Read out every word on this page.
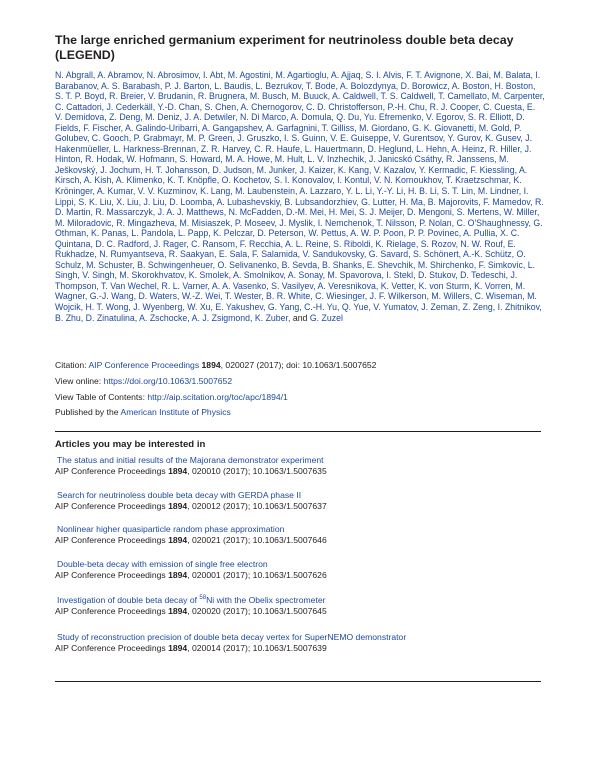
The large enriched germanium experiment for neutrinoless double beta decay (LEGEND)
N. Abgrall, A. Abramov, N. Abrosimov, I. Abt, M. Agostini, M. Agartioglu, A. Ajjaq, S. I. Alvis, F. T. Avignone, X. Bai, M. Balata, I. Barabanov, A. S. Barabash, P. J. Barton, L. Baudis, L. Bezrukov, T. Bode, A. Bolozdynya, D. Borowicz, A. Boston, H. Boston, S. T. P. Boyd, R. Breier, V. Brudanin, R. Brugnera, M. Busch, M. Buuck, A. Caldwell, T. S. Caldwell, T. Camellato, M. Carpenter, C. Cattadori, J. Cederkäll, Y.-D. Chan, S. Chen, A. Chernogorov, C. D. Christofferson, P.-H. Chu, R. J. Cooper, C. Cuesta, E. V. Demidova, Z. Deng, M. Deniz, J. A. Detwiler, N. Di Marco, A. Domula, Q. Du, Yu. Efremenko, V. Egorov, S. R. Elliott, D. Fields, F. Fischer, A. Galindo-Uribarri, A. Gangapshev, A. Garfagnini, T. Gilliss, M. Giordano, G. K. Giovanetti, M. Gold, P. Golubev, C. Gooch, P. Grabmayr, M. P. Green, J. Gruszko, I. S. Guinn, V. E. Guiseppe, V. Gurentsov, Y. Gurov, K. Gusev, J. Hakenmüeller, L. Harkness-Brennan, Z. R. Harvey, C. R. Haufe, L. Hauertmann, D. Heglund, L. Hehn, A. Heinz, R. Hiller, J. Hinton, R. Hodak, W. Hofmann, S. Howard, M. A. Howe, M. Hult, L. V. Inzhechik, J. Janicskó Csáthy, R. Janssens, M. Ješkovský, J. Jochum, H. T. Johansson, D. Judson, M. Junker, J. Kaizer, K. Kang, V. Kazalov, Y. Kermadic, F. Kiessling, A. Kirsch, A. Kish, A. Klimenko, K. T. Knöpfle, O. Kochetov, S. I. Konovalov, I. Kontul, V. N. Kornoukhov, T. Kraetzschmar, K. Kröninger, A. Kumar, V. V. Kuzminov, K. Lang, M. Laubenstein, A. Lazzaro, Y. L. Li, Y.-Y. Li, H. B. Li, S. T. Lin, M. Lindner, I. Lippi, S. K. Liu, X. Liu, J. Liu, D. Loomba, A. Lubashevskiy, B. Lubsandorzhiev, G. Lutter, H. Ma, B. Majorovits, F. Mamedov, R. D. Martin, R. Massarczyk, J. A. J. Matthews, N. McFadden, D.-M. Mei, H. Mei, S. J. Meijer, D. Mengoni, S. Mertens, W. Miller, M. Miloradovic, R. Mingazheva, M. Misiaszek, P. Moseev, J. Myslik, I. Nemchenok, T. Nilsson, P. Nolan, C. O'Shaughnessy, G. Othman, K. Panas, L. Pandola, L. Papp, K. Pelczar, D. Peterson, W. Pettus, A. W. P. Poon, P. P. Povinec, A. Pullia, X. C. Quintana, D. C. Radford, J. Rager, C. Ransom, F. Recchia, A. L. Reine, S. Riboldi, K. Rielage, S. Rozov, N. W. Rouf, E. Rukhadze, N. Rumyantseva, R. Saakyan, E. Sala, F. Salamida, V. Sandukovsky, G. Savard, S. Schönert, A.-K. Schütz, O. Schulz, M. Schuster, B. Schwingenheuer, O. Selivanenko, B. Sevda, B. Shanks, E. Shevchik, M. Shirchenko, F. Simkovic, L. Singh, V. Singh, M. Skorokhvatov, K. Smolek, A. Smolnikov, A. Sonay, M. Spavorova, I. Stekl, D. Stukov, D. Tedeschi, J. Thompson, T. Van Wechel, R. L. Varner, A. A. Vasenko, S. Vasilyev, A. Veresnikova, K. Vetter, K. von Sturm, K. Vorren, M. Wagner, G.-J. Wang, D. Waters, W.-Z. Wei, T. Wester, B. R. White, C. Wiesinger, J. F. Wilkerson, M. Willers, C. Wiseman, M. Wojcik, H. T. Wong, J. Wyenberg, W. Xu, E. Yakushev, G. Yang, C.-H. Yu, Q. Yue, V. Yumatov, J. Zeman, Z. Zeng, I. Zhitnikov, B. Zhu, D. Zinatulina, A. Zschocke, A. J. Zsigmond, K. Zuber, and G. Zuzel
Citation: AIP Conference Proceedings 1894, 020027 (2017); doi: 10.1063/1.5007652
View online: https://doi.org/10.1063/1.5007652
View Table of Contents: http://aip.scitation.org/toc/apc/1894/1
Published by the American Institute of Physics
Articles you may be interested in
The status and initial results of the Majorana demonstrator experiment
AIP Conference Proceedings 1894, 020010 (2017); 10.1063/1.5007635
Search for neutrinoless double beta decay with GERDA phase II
AIP Conference Proceedings 1894, 020012 (2017); 10.1063/1.5007637
Nonlinear higher quasiparticle random phase approximation
AIP Conference Proceedings 1894, 020021 (2017); 10.1063/1.5007646
Double-beta decay with emission of single free electron
AIP Conference Proceedings 1894, 020001 (2017); 10.1063/1.5007626
Investigation of double beta decay of $^{58}$Ni with the Obelix spectrometer
AIP Conference Proceedings 1894, 020020 (2017); 10.1063/1.5007645
Study of reconstruction precision of double beta decay vertex for SuperNEMO demonstrator
AIP Conference Proceedings 1894, 020014 (2017); 10.1063/1.5007639
